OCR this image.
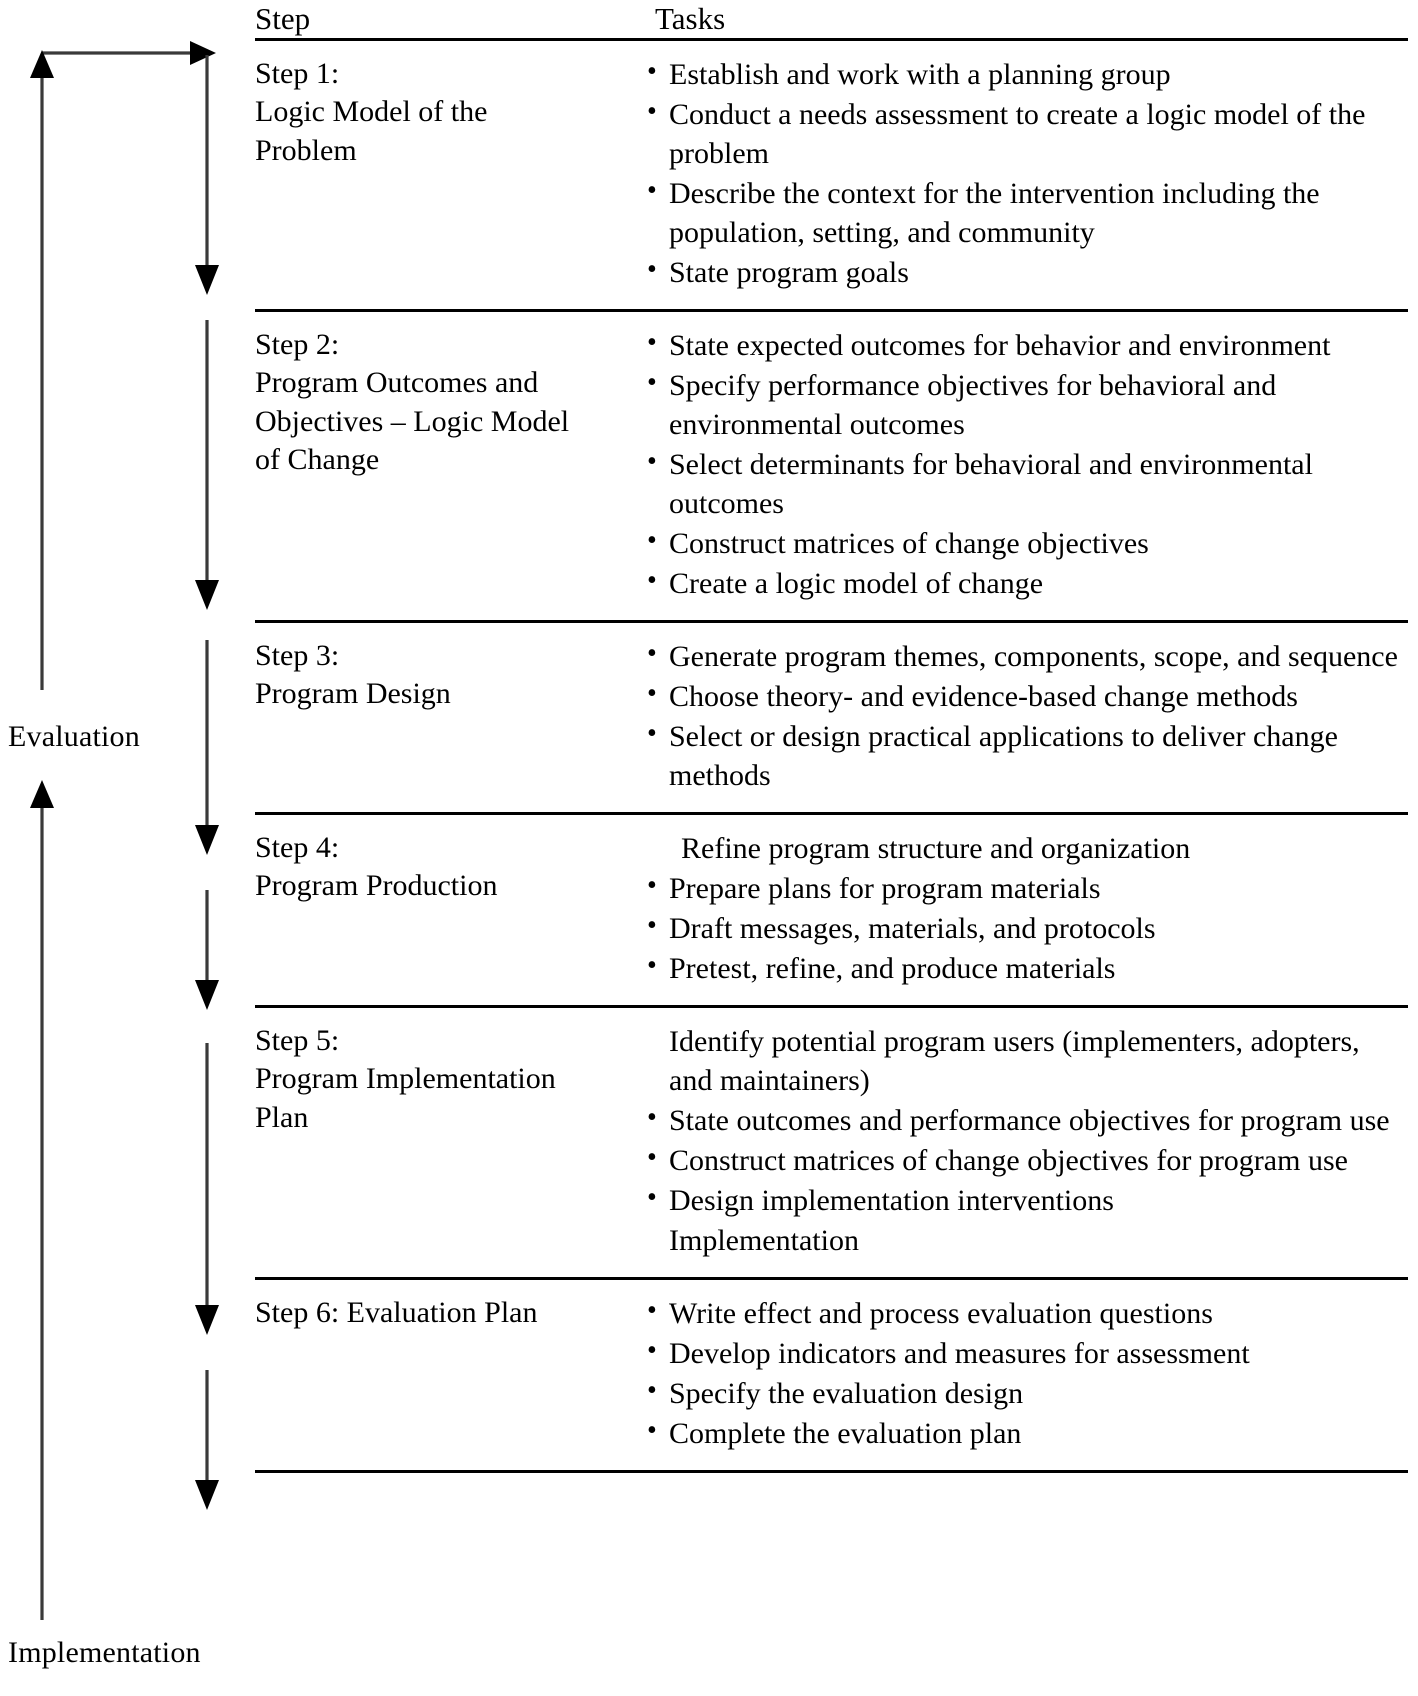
Evaluation
Implementation
Step	Tasks

Step 1:
Logic Model of the
Problem

• Establish and work with a planning group
• Conduct a needs assessment to create a logic model of the problem
• Describe the context for the intervention including the population, setting, and community
• State program goals

Step 2:
Program Outcomes and
Objectives – Logic Model
of Change

• State expected outcomes for behavior and environment
• Specify performance objectives for behavioral and environmental outcomes
• Select determinants for behavioral and environmental outcomes
• Construct matrices of change objectives
• Create a logic model of change

Step 3:
Program Design

• Generate program themes, components, scope, and sequence
• Choose theory- and evidence-based change methods
• Select or design practical applications to deliver change methods

Step 4:
Program Production

Refine program structure and organization
• Prepare plans for program materials
• Draft messages, materials, and protocols
• Pretest, refine, and produce materials

Step 5:
Program Implementation
Plan

Identify potential program users (implementers, adopters, and maintainers)
• State outcomes and performance objectives for program use
• Construct matrices of change objectives for program use
• Design implementation interventions
Implementation

Step 6: Evaluation Plan

•Write effect and process evaluation questions
• Develop indicators and measures for assessment
• Specify the evaluation design
• Complete the evaluation plan
